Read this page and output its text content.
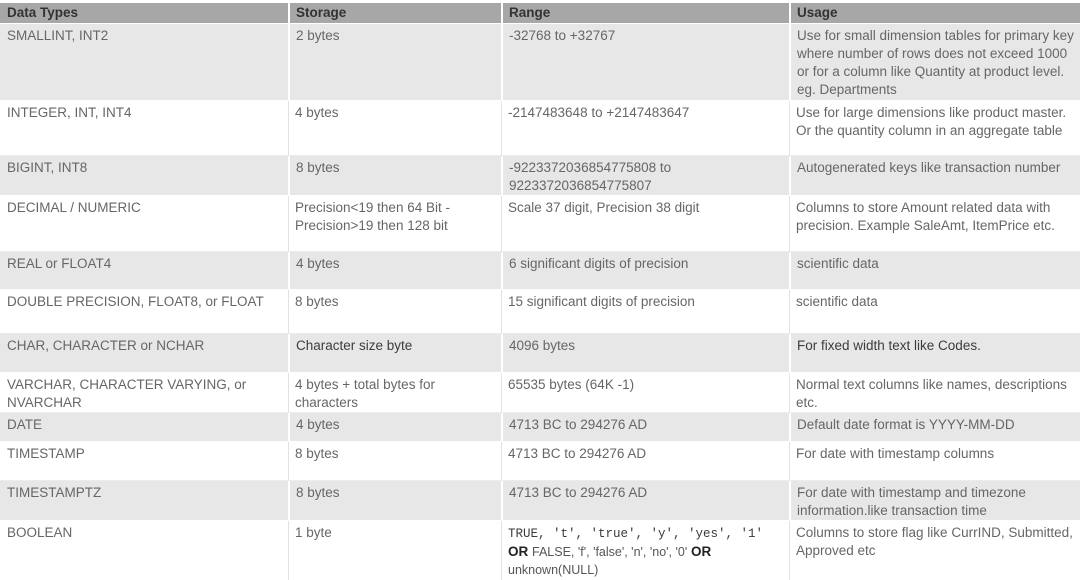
Data Types	Storage	Range	Usage
SMALLINT, INT2	2 bytes	-32768 to +32767	Use for small dimension tables for primary key where number of rows does not exceed 1000 or for a column like Quantity at product level. eg. Departments
INTEGER, INT, INT4	4 bytes	-2147483648 to +2147483647	Use for large dimensions like product master. Or the quantity column in an aggregate table
BIGINT, INT8	8 bytes	-9223372036854775808 to 9223372036854775807	Autogenerated keys like transaction number
DECIMAL / NUMERIC	Precision<19 then 64 Bit - Precision>19 then 128 bit	Scale 37 digit, Precision 38 digit	Columns to store Amount related data with precision. Example SaleAmt, ItemPrice etc.
REAL or FLOAT4	4 bytes	6 significant digits of precision	scientific data
DOUBLE PRECISION, FLOAT8, or FLOAT	8 bytes	15 significant digits of precision	scientific data
CHAR, CHARACTER or NCHAR	Character size byte	4096 bytes	For fixed width text like Codes.
VARCHAR, CHARACTER VARYING, or NVARCHAR	4 bytes + total bytes for characters	65535 bytes (64K -1)	Normal text columns like names, descriptions etc.
DATE	4 bytes	4713 BC to 294276 AD	Default date format is YYYY-MM-DD
TIMESTAMP	8 bytes	4713 BC to 294276 AD	For date with timestamp columns
TIMESTAMPTZ	8 bytes	4713 BC to 294276 AD	For date with timestamp and timezone information.like transaction time
BOOLEAN	1 byte	TRUE, 't', 'true', 'y', 'yes', '1' OR FALSE, 'f', 'false', 'n', 'no', '0' OR unknown(NULL)	Columns to store flag like CurrIND, Submitted, Approved etc
